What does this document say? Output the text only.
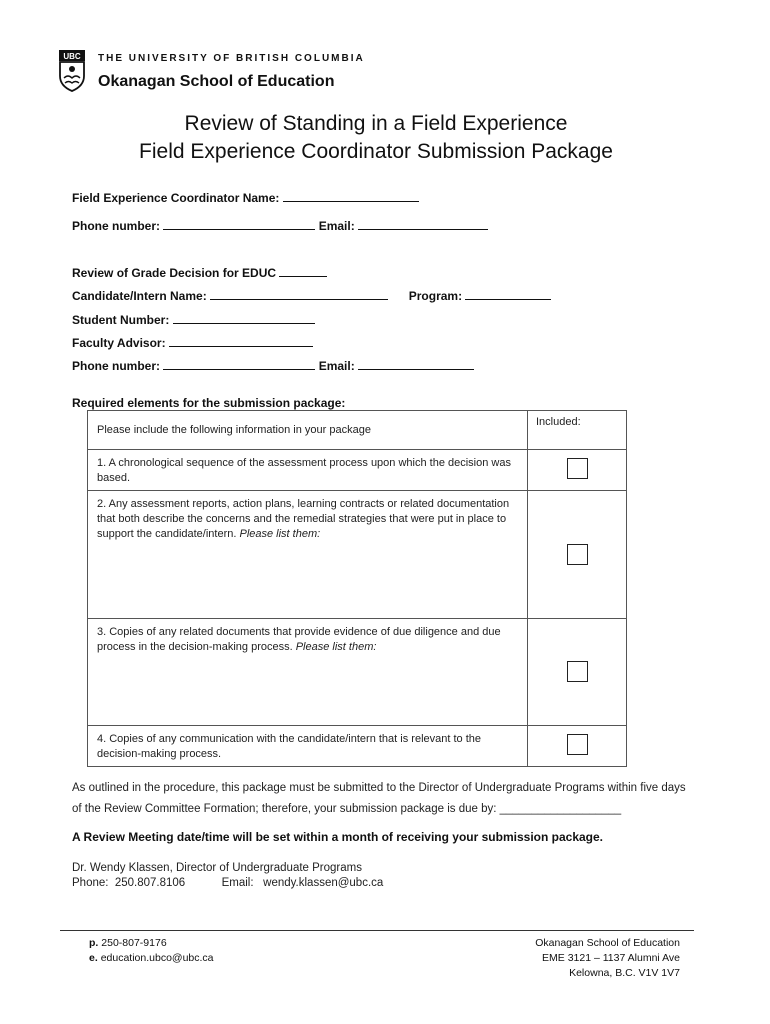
UBC THE UNIVERSITY OF BRITISH COLUMBIA
Okanagan School of Education
Review of Standing in a Field Experience
Field Experience Coordinator Submission Package
Field Experience Coordinator Name:
Phone number:	Email:
Review of Grade Decision for EDUC
Candidate/Intern Name:	Program:
Student Number:
Faculty Advisor:
Phone number:	Email:
Required elements for the submission package:
Please include the following information in your package	Included:
1. A chronological sequence of the assessment process upon which the decision was based.	
2. Any assessment reports, action plans, learning contracts or related documentation that both describe the concerns and the remedial strategies that were put in place to support the candidate/intern. Please list them:	
3. Copies of any related documents that provide evidence of due diligence and due process in the decision-making process. Please list them:	
4. Copies of any communication with the candidate/intern that is relevant to the decision-making process.	
As outlined in the procedure, this package must be submitted to the Director of Undergraduate Programs within five days of the Review Committee Formation; therefore, your submission package is due by: ___________________
A Review Meeting date/time will be set within a month of receiving your submission package.
Dr. Wendy Klassen, Director of Undergraduate Programs
Phone: 250.807.8106	Email: wendy.klassen@ubc.ca
p. 250-807-9176
e. education.ubco@ubc.ca
Okanagan School of Education
EME 3121 – 1137 Alumni Ave
Kelowna, B.C. V1V 1V7
